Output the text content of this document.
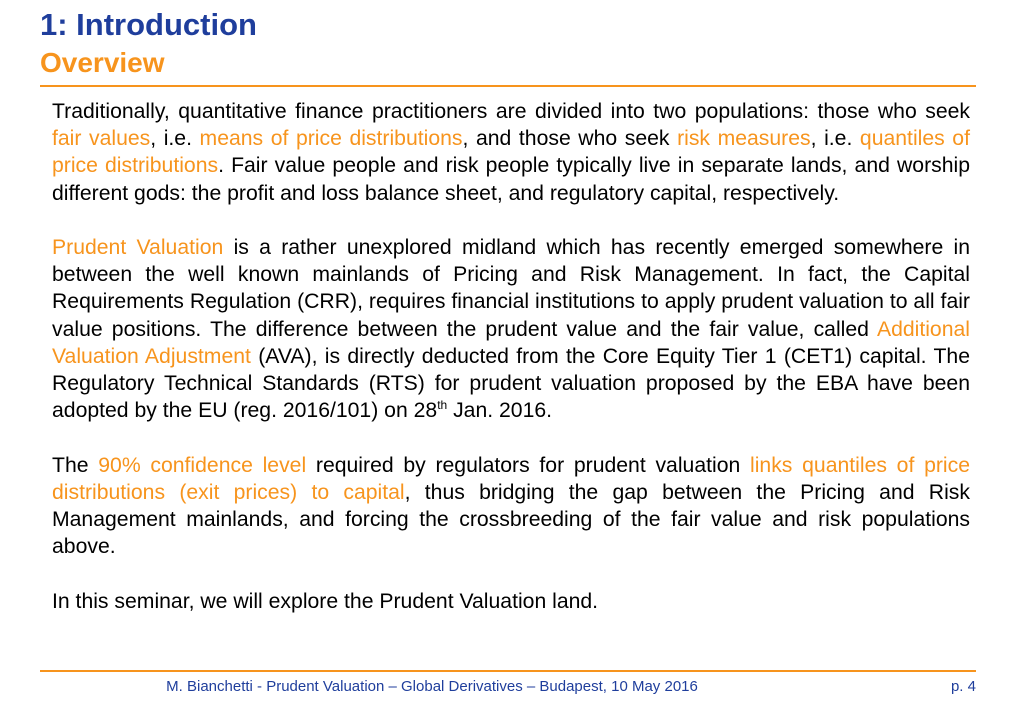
1: Introduction
Overview

Traditionally, quantitative finance practitioners are divided into two populations: those who seek fair values, i.e. means of price distributions, and those who seek risk measures, i.e. quantiles of price distributions. Fair value people and risk people typically live in separate lands, and worship different gods: the profit and loss balance sheet, and regulatory capital, respectively.

Prudent Valuation is a rather unexplored midland which has recently emerged somewhere in between the well known mainlands of Pricing and Risk Management. In fact, the Capital Requirements Regulation (CRR), requires financial institutions to apply prudent valuation to all fair value positions. The difference between the prudent value and the fair value, called Additional Valuation Adjustment (AVA), is directly deducted from the Core Equity Tier 1 (CET1) capital. The Regulatory Technical Standards (RTS) for prudent valuation proposed by the EBA have been adopted by the EU (reg. 2016/101) on 28th Jan. 2016.

The 90% confidence level required by regulators for prudent valuation links quantiles of price distributions (exit prices) to capital, thus bridging the gap between the Pricing and Risk Management mainlands, and forcing the crossbreeding of the fair value and risk populations above.

In this seminar, we will explore the Prudent Valuation land.

M. Bianchetti - Prudent Valuation – Global Derivatives – Budapest, 10 May 2016	p. 4
